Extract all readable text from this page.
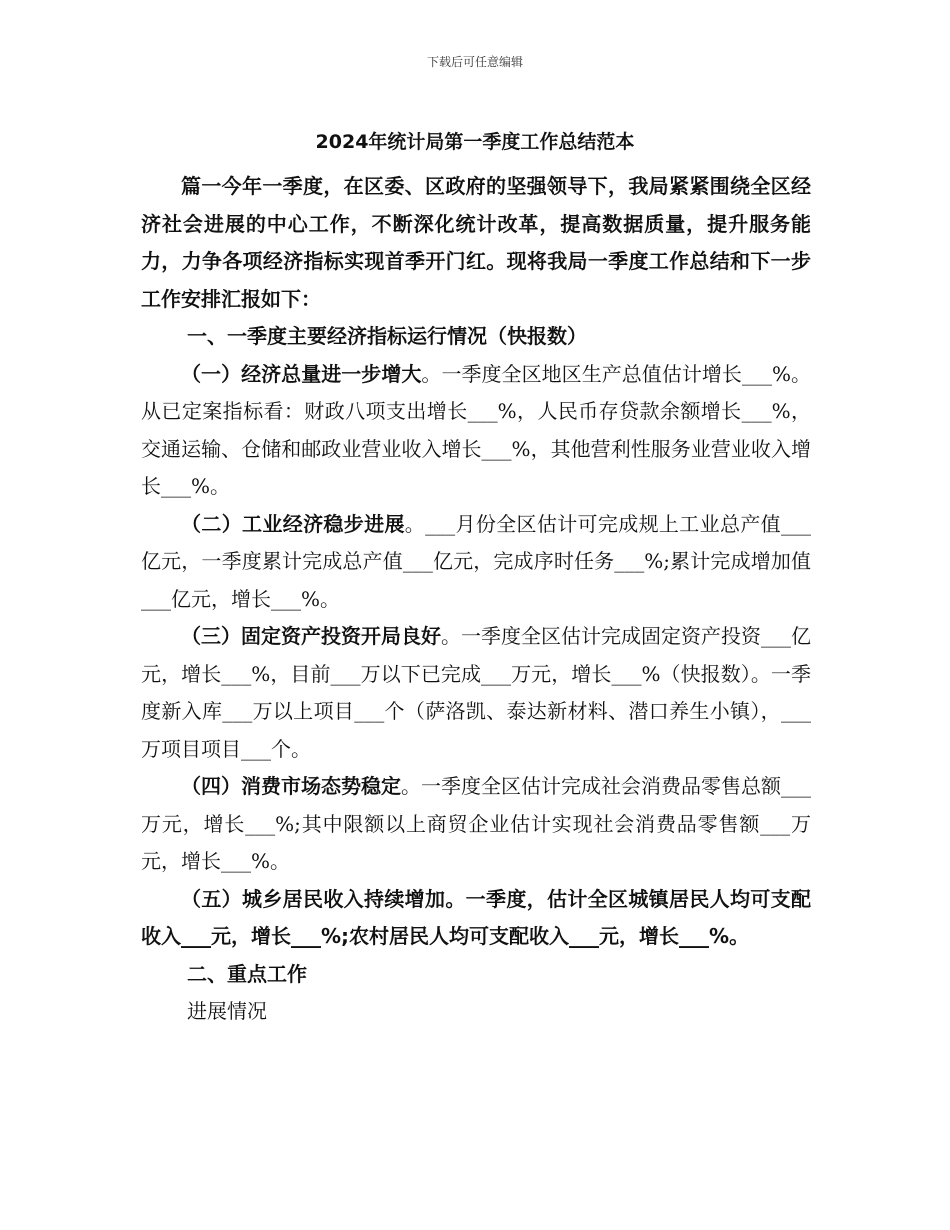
下载后可任意编辑
2024年统计局第一季度工作总结范本

篇一今年一季度，在区委、区政府的坚强领导下，我局紧紧围绕全区经济社会进展的中心工作，不断深化统计改革，提高数据质量，提升服务能力，力争各项经济指标实现首季开门红。现将我局一季度工作总结和下一步工作安排汇报如下：

一、一季度主要经济指标运行情况（快报数）

（一）经济总量进一步增大。一季度全区地区生产总值估计增长___%。从已定案指标看：财政八项支出增长___%，人民币存贷款余额增长___%，交通运输、仓储和邮政业营业收入增长___%，其他营利性服务业营业收入增长___%。

（二）工业经济稳步进展。___月份全区估计可完成规上工业总产值___亿元，一季度累计完成总产值___亿元，完成序时任务___%;累计完成增加值___亿元，增长___%。

（三）固定资产投资开局良好。一季度全区估计完成固定资产投资___亿元，增长___%，目前___万以下已完成___万元，增长___%（快报数）。一季度新入库___万以上项目___个（萨洛凯、泰达新材料、潜口养生小镇），___万项目项目___个。

（四）消费市场态势稳定。一季度全区估计完成社会消费品零售总额___万元，增长___%;其中限额以上商贸企业估计实现社会消费品零售额___万元，增长___%。

（五）城乡居民收入持续增加。一季度，估计全区城镇居民人均可支配收入___元，增长___%;农村居民人均可支配收入___元，增长___%。

二、重点工作

进展情况
